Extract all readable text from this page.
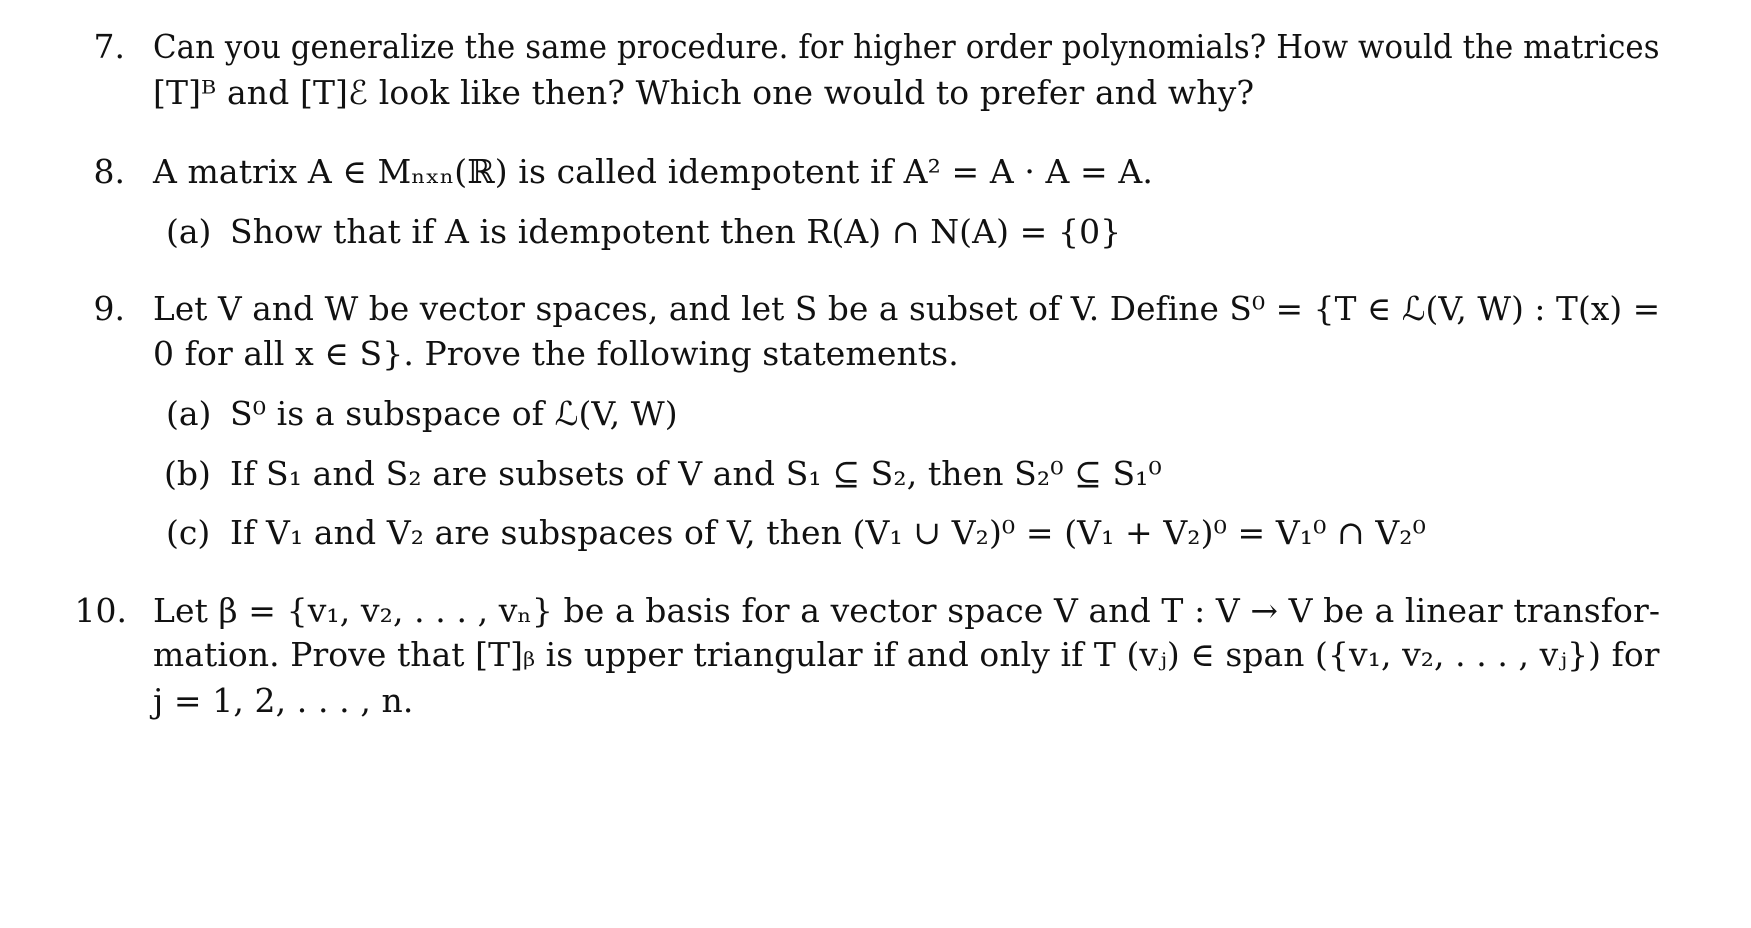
7. Can you generalize the same procedure. for higher order polynomials? How would the matrices
[T]ᴮ and [T]ℰ look like then? Which one would to prefer and why?
8. A matrix A ∈ Mₙₓₙ(ℝ) is called idempotent if A² = A · A = A.
(a) Show that if A is idempotent then R(A) ∩ N(A) = {0}
9. Let V and W be vector spaces, and let S be a subset of V. Define S⁰ = {T ∈ ℒ(V, W) : T(x) =
0 for all x ∈ S}. Prove the following statements.
(a) S⁰ is a subspace of ℒ(V, W)
(b) If S₁ and S₂ are subsets of V and S₁ ⊆ S₂, then S₂⁰ ⊆ S₁⁰
(c) If V₁ and V₂ are subspaces of V, then (V₁ ∪ V₂)⁰ = (V₁ + V₂)⁰ = V₁⁰ ∩ V₂⁰
10. Let β = {v₁, v₂, . . . , vₙ} be a basis for a vector space V and T : V → V be a linear transfor-
mation. Prove that [T]ᵦ is upper triangular if and only if T (vⱼ) ∈ span ({v₁, v₂, . . . , vⱼ}) for
j = 1, 2, . . . , n.
